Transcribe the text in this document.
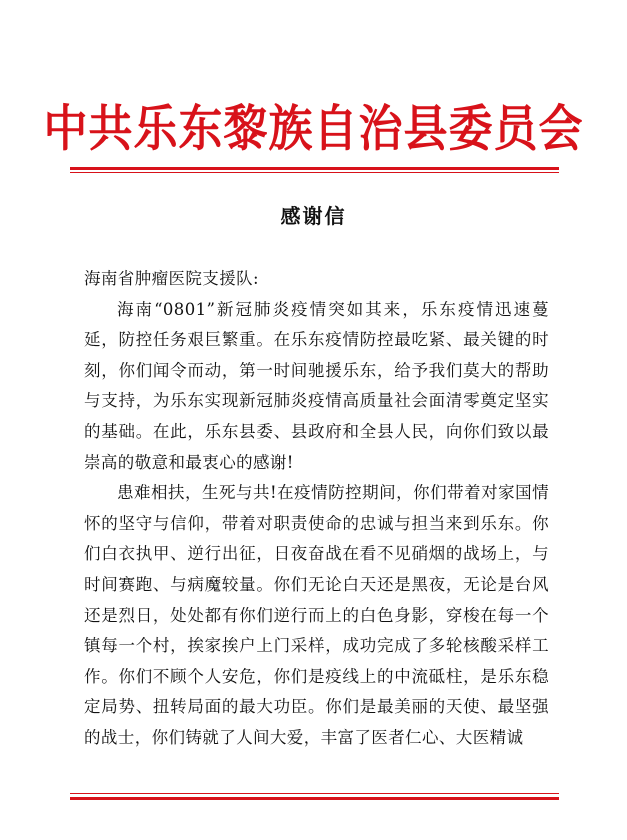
中共乐东黎族自治县委员会
感谢信

海南省肿瘤医院支援队:

海南“0801”新冠肺炎疫情突如其来，乐东疫情迅速蔓延，防控任务艰巨繁重。在乐东疫情防控最吃紧、最关键的时刻，你们闻令而动，第一时间驰援乐东，给予我们莫大的帮助与支持，为乐东实现新冠肺炎疫情高质量社会面清零奠定坚实的基础。在此，乐东县委、县政府和全县人民，向你们致以最崇高的敬意和最衷心的感谢!

患难相扶，生死与共!在疫情防控期间，你们带着对家国情怀的坚守与信仰，带着对职责使命的忠诚与担当来到乐东。你们白衣执甲、逆行出征，日夜奋战在看不见硝烟的战场上，与时间赛跑、与病魔较量。你们无论白天还是黑夜，无论是台风还是烈日，处处都有你们逆行而上的白色身影，穿梭在每一个镇每一个村，挨家挨户上门采样，成功完成了多轮核酸采样工作。你们不顾个人安危，你们是疫线上的中流砥柱，是乐东稳定局势、扭转局面的最大功臣。你们是最美丽的天使、最坚强的战士，你们铸就了人间大爱，丰富了医者仁心、大医精诚
